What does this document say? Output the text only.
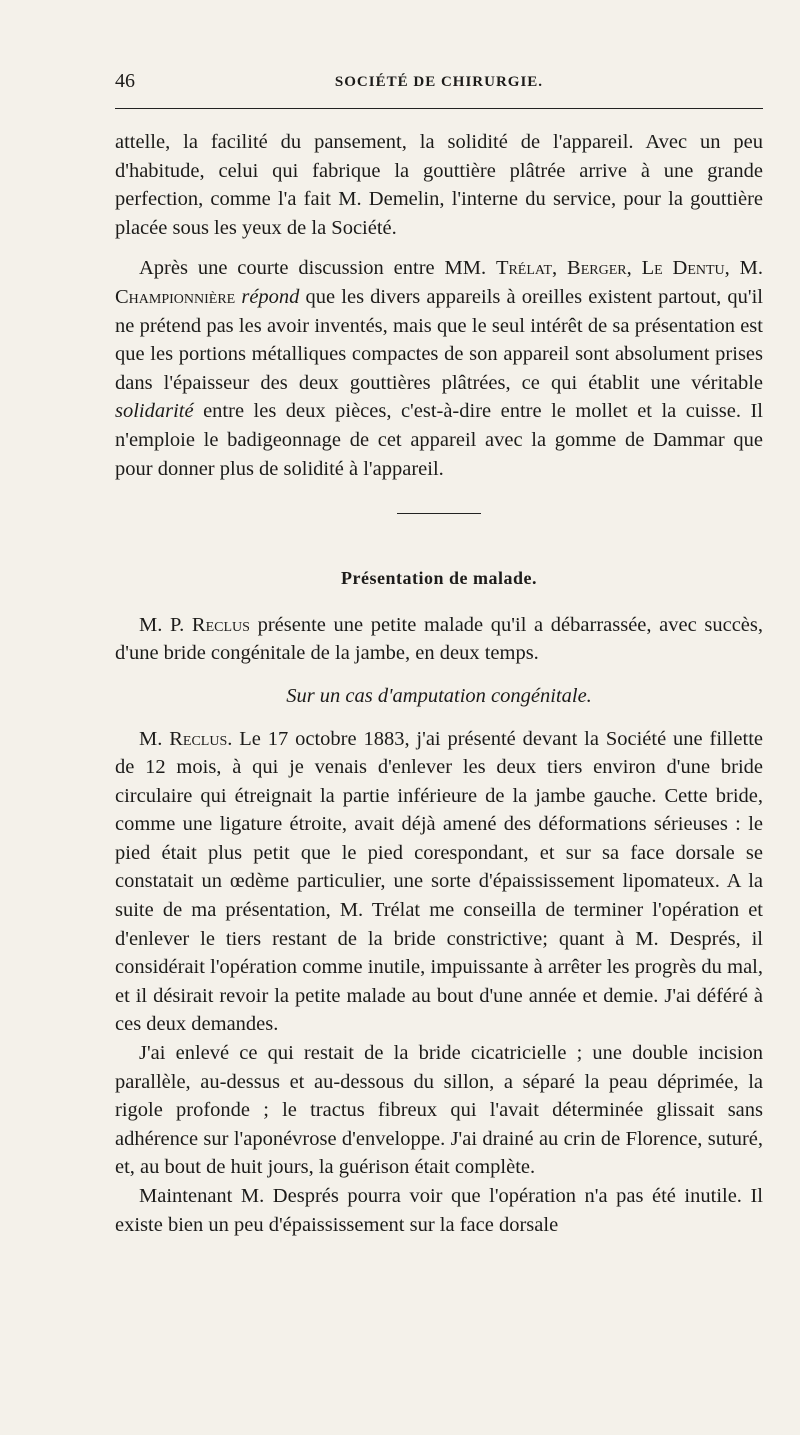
46	SOCIÉTÉ DE CHIRURGIE.

attelle, la facilité du pansement, la solidité de l'appareil. Avec un peu d'habitude, celui qui fabrique la gouttière plâtrée arrive à une grande perfection, comme l'a fait M. Demelin, l'interne du service, pour la gouttière placée sous les yeux de la Société.

Après une courte discussion entre MM. Trélat, Berger, Le Dentu, M. Championnière répond que les divers appareils à oreilles existent partout, qu'il ne prétend pas les avoir inventés, mais que le seul intérêt de sa présentation est que les portions métalliques compactes de son appareil sont absolument prises dans l'épaisseur des deux gouttières plâtrées, ce qui établit une véritable solidarité entre les deux pièces, c'est-à-dire entre le mollet et la cuisse. Il n'emploie le badigeonnage de cet appareil avec la gomme de Dammar que pour donner plus de solidité à l'appareil.

Présentation de malade.

M. P. Reclus présente une petite malade qu'il a débarrassée, avec succès, d'une bride congénitale de la jambe, en deux temps.

Sur un cas d'amputation congénitale.

M. Reclus. Le 17 octobre 1883, j'ai présenté devant la Société une fillette de 12 mois, à qui je venais d'enlever les deux tiers environ d'une bride circulaire qui étreignait la partie inférieure de la jambe gauche. Cette bride, comme une ligature étroite, avait déjà amené des déformations sérieuses : le pied était plus petit que le pied corespondant, et sur sa face dorsale se constatait un œdème particulier, une sorte d'épaississement lipomateux. A la suite de ma présentation, M. Trélat me conseilla de terminer l'opération et d'enlever le tiers restant de la bride constrictive; quant à M. Després, il considérait l'opération comme inutile, impuissante à arrêter les progrès du mal, et il désirait revoir la petite malade au bout d'une année et demie. J'ai déféré à ces deux demandes.

J'ai enlevé ce qui restait de la bride cicatricielle ; une double incision parallèle, au-dessus et au-dessous du sillon, a séparé la peau déprimée, la rigole profonde ; le tractus fibreux qui l'avait déterminée glissait sans adhérence sur l'aponévrose d'enveloppe. J'ai drainé au crin de Florence, suturé, et, au bout de huit jours, la guérison était complète.

Maintenant M. Després pourra voir que l'opération n'a pas été inutile. Il existe bien un peu d'épaississement sur la face dorsale
